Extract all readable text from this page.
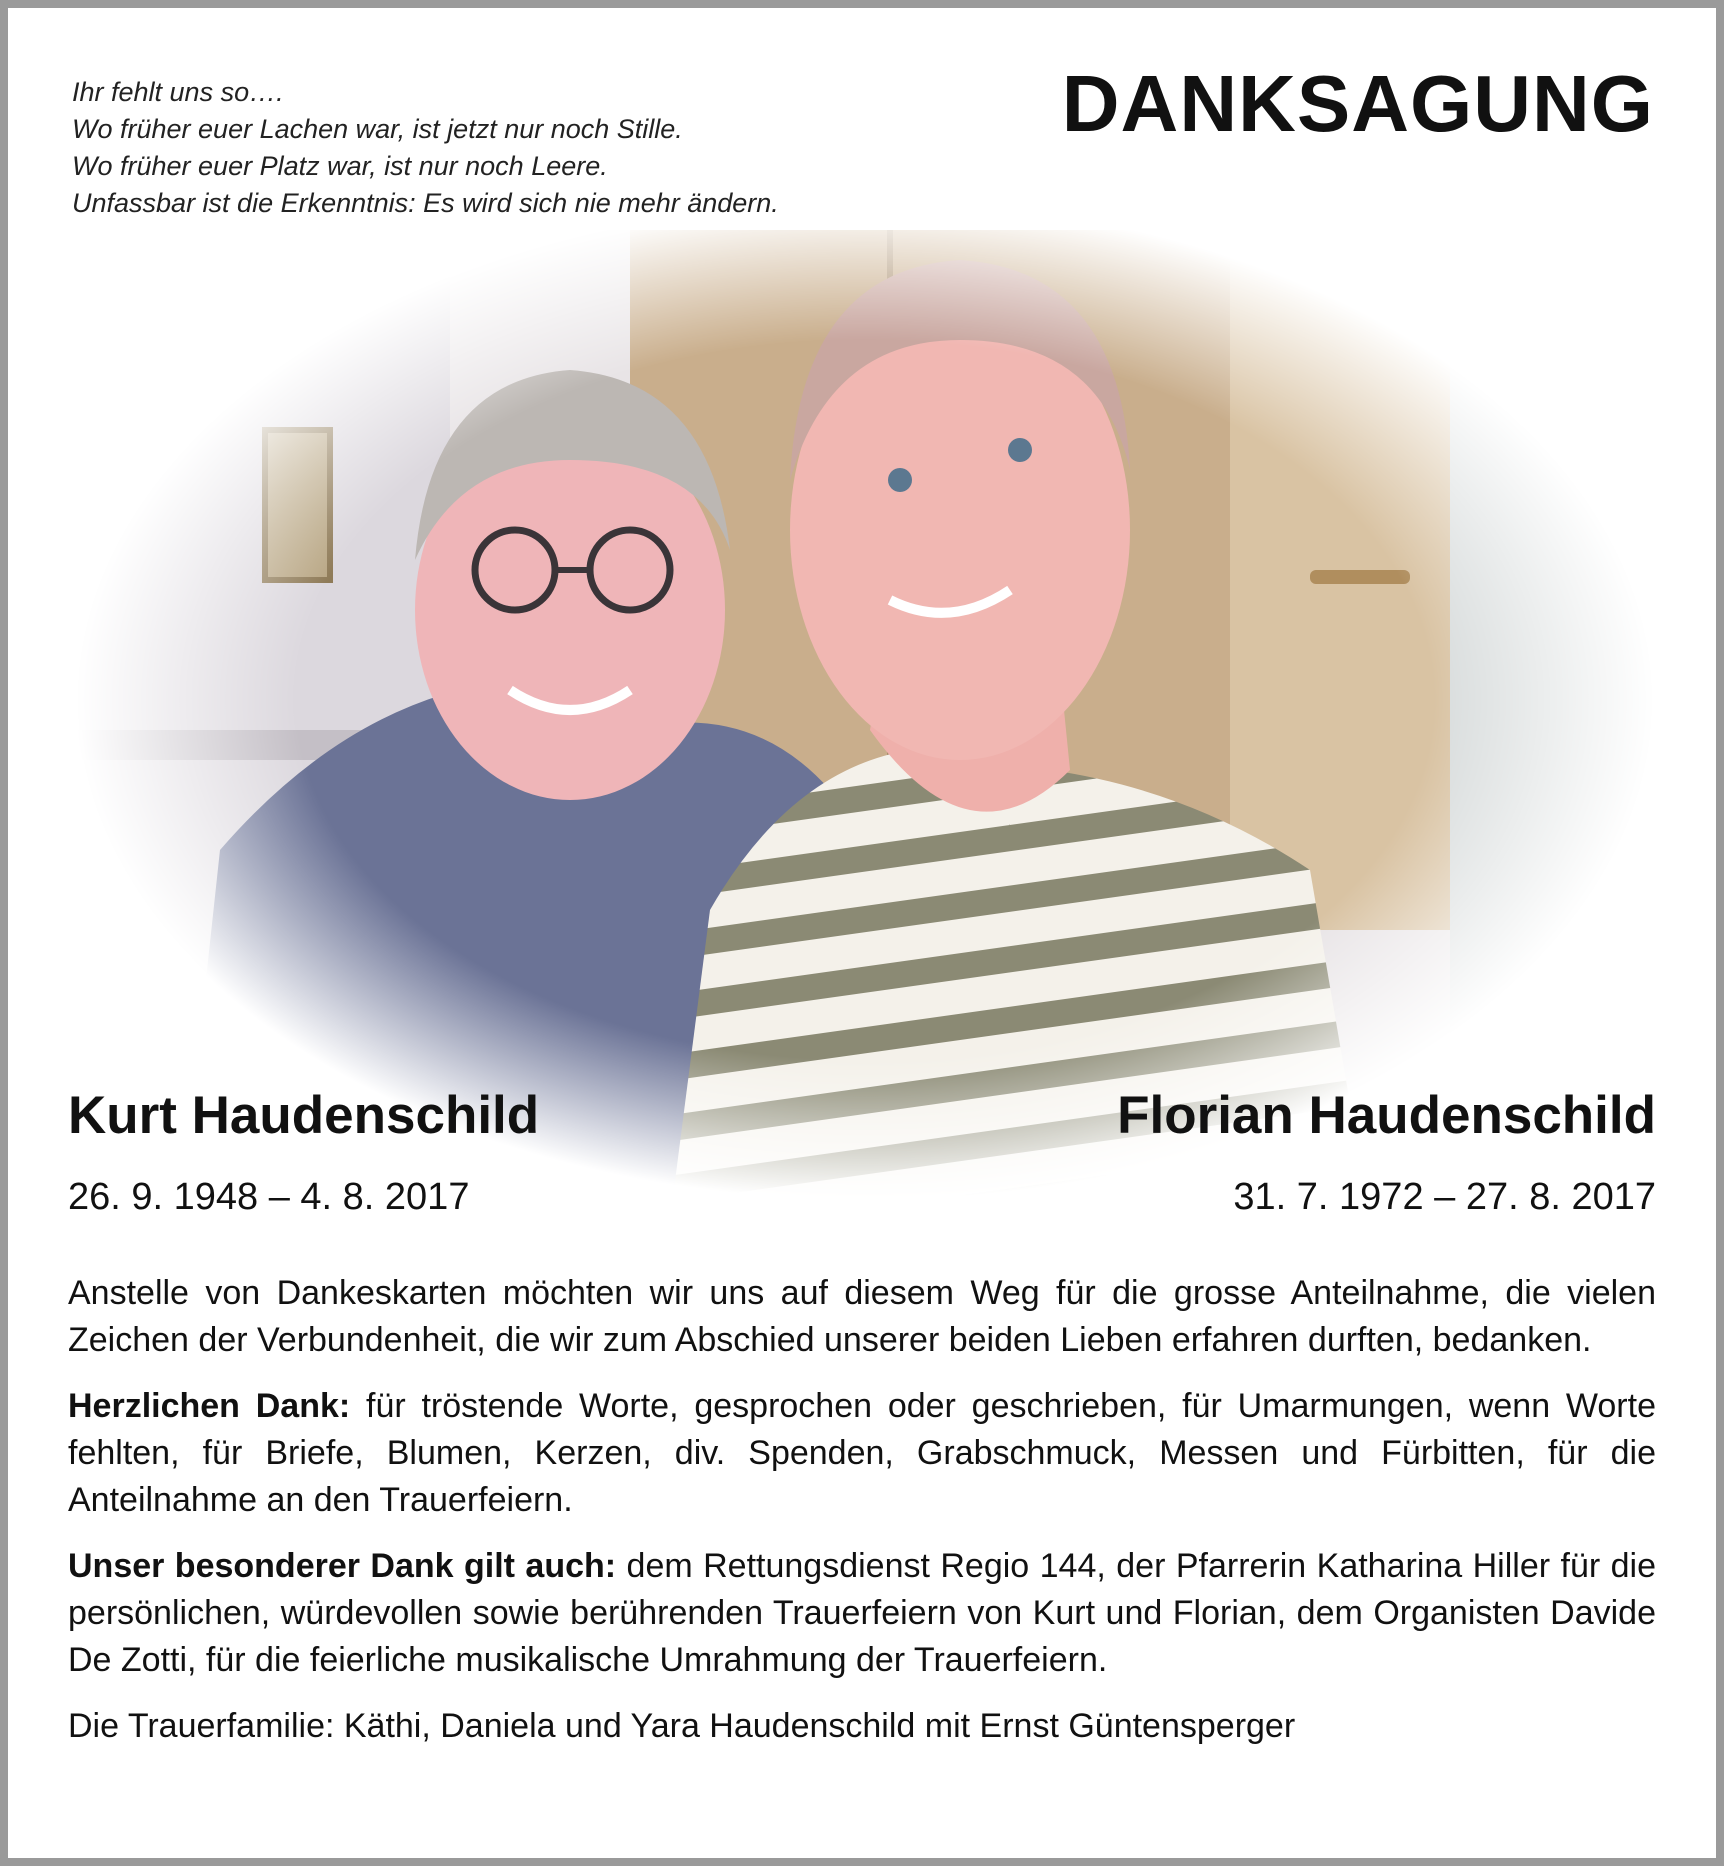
Ihr fehlt uns so….
Wo früher euer Lachen war, ist jetzt nur noch Stille.
Wo früher euer Platz war, ist nur noch Leere.
Unfassbar ist die Erkenntnis: Es wird sich nie mehr ändern.
DANKSAGUNG
Kurt Haudenschild	Florian Haudenschild
26. 9. 1948 – 4. 8. 2017	31. 7. 1972 – 27. 8. 2017

Anstelle von Dankeskarten möchten wir uns auf diesem Weg für die grosse Anteilnahme, die vielen Zeichen der Verbundenheit, die wir zum Abschied unserer beiden Lieben erfahren durften, bedanken.

Herzlichen Dank: für tröstende Worte, gesprochen oder geschrieben, für Umarmungen, wenn Worte fehlten, für Briefe, Blumen, Kerzen, div. Spenden, Grabschmuck, Messen und Fürbitten, für die Anteilnahme an den Trauerfeiern.

Unser besonderer Dank gilt auch: dem Rettungsdienst Regio 144, der Pfarrerin Katharina Hiller für die persönlichen, würdevollen sowie berührenden Trauerfeiern von Kurt und Florian, dem Organisten Davide De Zotti, für die feierliche musikalische Umrahmung der Trauerfeiern.

Die Trauerfamilie: Käthi, Daniela und Yara Haudenschild mit Ernst Güntensperger
